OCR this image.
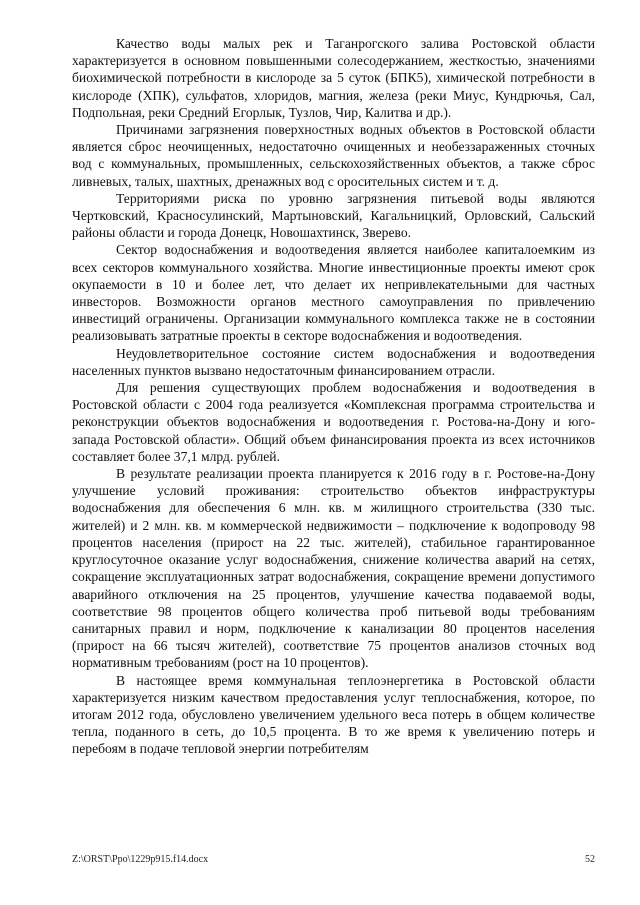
Качество воды малых рек и Таганрогского залива Ростовской области характеризуется в основном повышенными солесодержанием, жесткостью, значениями биохимической потребности в кислороде за 5 суток (БПК5), химической потребности в кислороде (ХПК), сульфатов, хлоридов, магния, железа (реки Миус, Кундрючья, Сал, Подпольная, реки Средний Егорлык, Тузлов, Чир, Калитва и др.).

Причинами загрязнения поверхностных водных объектов в Ростовской области является сброс неочищенных, недостаточно очищенных и необеззараженных сточных вод с коммунальных, промышленных, сельскохозяйственных объектов, а также сброс ливневых, талых, шахтных, дренажных вод с оросительных систем и т. д.

Территориями риска по уровню загрязнения питьевой воды являются Чертковский, Красносулинский, Мартыновский, Кагальницкий, Орловский, Сальский районы области и города Донецк, Новошахтинск, Зверево.

Сектор водоснабжения и водоотведения является наиболее капиталоемким из всех секторов коммунального хозяйства. Многие инвестиционные проекты имеют срок окупаемости в 10 и более лет, что делает их непривлекательными для частных инвесторов. Возможности органов местного самоуправления по привлечению инвестиций ограничены. Организации коммунального комплекса также не в состоянии реализовывать затратные проекты в секторе водоснабжения и водоотведения.

Неудовлетворительное состояние систем водоснабжения и водоотведения населенных пунктов вызвано недостаточным финансированием отрасли.

Для решения существующих проблем водоснабжения и водоотведения в Ростовской области с 2004 года реализуется «Комплексная программа строительства и реконструкции объектов водоснабжения и водоотведения г. Ростова-на-Дону и юго-запада Ростовской области». Общий объем финансирования проекта из всех источников составляет более 37,1 млрд. рублей.

В результате реализации проекта планируется к 2016 году в г. Ростове-на-Дону улучшение условий проживания: строительство объектов инфраструктуры водоснабжения для обеспечения 6 млн. кв. м жилищного строительства (330 тыс. жителей) и 2 млн. кв. м коммерческой недвижимости – подключение к водопроводу 98 процентов населения (прирост на 22 тыс. жителей), стабильное гарантированное круглосуточное оказание услуг водоснабжения, снижение количества аварий на сетях, сокращение эксплуатационных затрат водоснабжения, сокращение времени допустимого аварийного отключения на 25 процентов, улучшение качества подаваемой воды, соответствие 98 процентов общего количества проб питьевой воды требованиям санитарных правил и норм, подключение к канализации 80 процентов населения (прирост на 66 тысяч жителей), соответствие 75 процентов анализов сточных вод нормативным требованиям (рост на 10 процентов).

В настоящее время коммунальная теплоэнергетика в Ростовской области характеризуется низким качеством предоставления услуг теплоснабжения, которое, по итогам 2012 года, обусловлено увеличением удельного веса потерь в общем количестве тепла, поданного в сеть, до 10,5 процента. В то же время к увеличению потерь и перебоям в подаче тепловой энергии потребителям

Z:\ORST\Ppo\1229p915.f14.docx	52
